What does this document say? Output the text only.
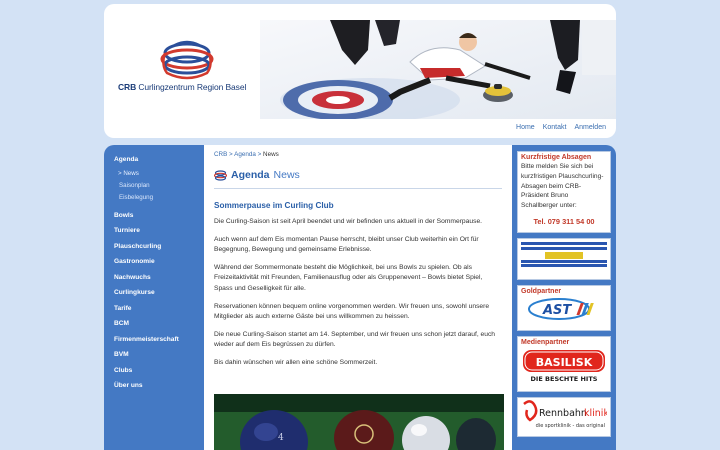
CRB Curlingzentrum Region Basel
Home Kontakt Anmelden
Agenda
> News
Saisonplan
Eisbelegung
Bowls
Turniere
Plauschcurling
Gastronomie
Nachwuchs
Curlingkurse
Tarife
BCM
Firmenmeisterschaft
BVM
Clubs
Über uns
CRB > Agenda > News
Agenda News
Sommerpause im Curling Club

Die Curling-Saison ist seit April beendet und wir befinden uns aktuell in der Sommerpause.

Auch wenn auf dem Eis momentan Pause herrscht, bleibt unser Club weiterhin ein Ort für Begegnung, Bewegung und gemeinsame Erlebnisse.

Während der Sommermonate besteht die Möglichkeit, bei uns Bowls zu spielen. Ob als Freizeitaktivität mit Freunden, Familienausflug oder als Gruppenevent – Bowls bietet Spiel, Spass und Geselligkeit für alle.

Reservationen können bequem online vorgenommen werden. Wir freuen uns, sowohl unsere Mitglieder als auch externe Gäste bei uns willkommen zu heissen.

Die neue Curling-Saison startet am 14. September, und wir freuen uns schon jetzt darauf, euch wieder auf dem Eis begrüssen zu dürfen.

Bis dahin wünschen wir allen eine schöne Sommerzeit.

4
Kurzfristige Absagen
Bitte melden Sie sich bei kurzfristigen Plauschcurling-Absagen beim CRB-Präsident Bruno Schallberger unter:
Tel. 079 311 54 00
Goldpartner
AST
Medienpartner
BASILISK
DIE BESCHTE HITS
Rennbahn
klinik
die sportklinik - das original
